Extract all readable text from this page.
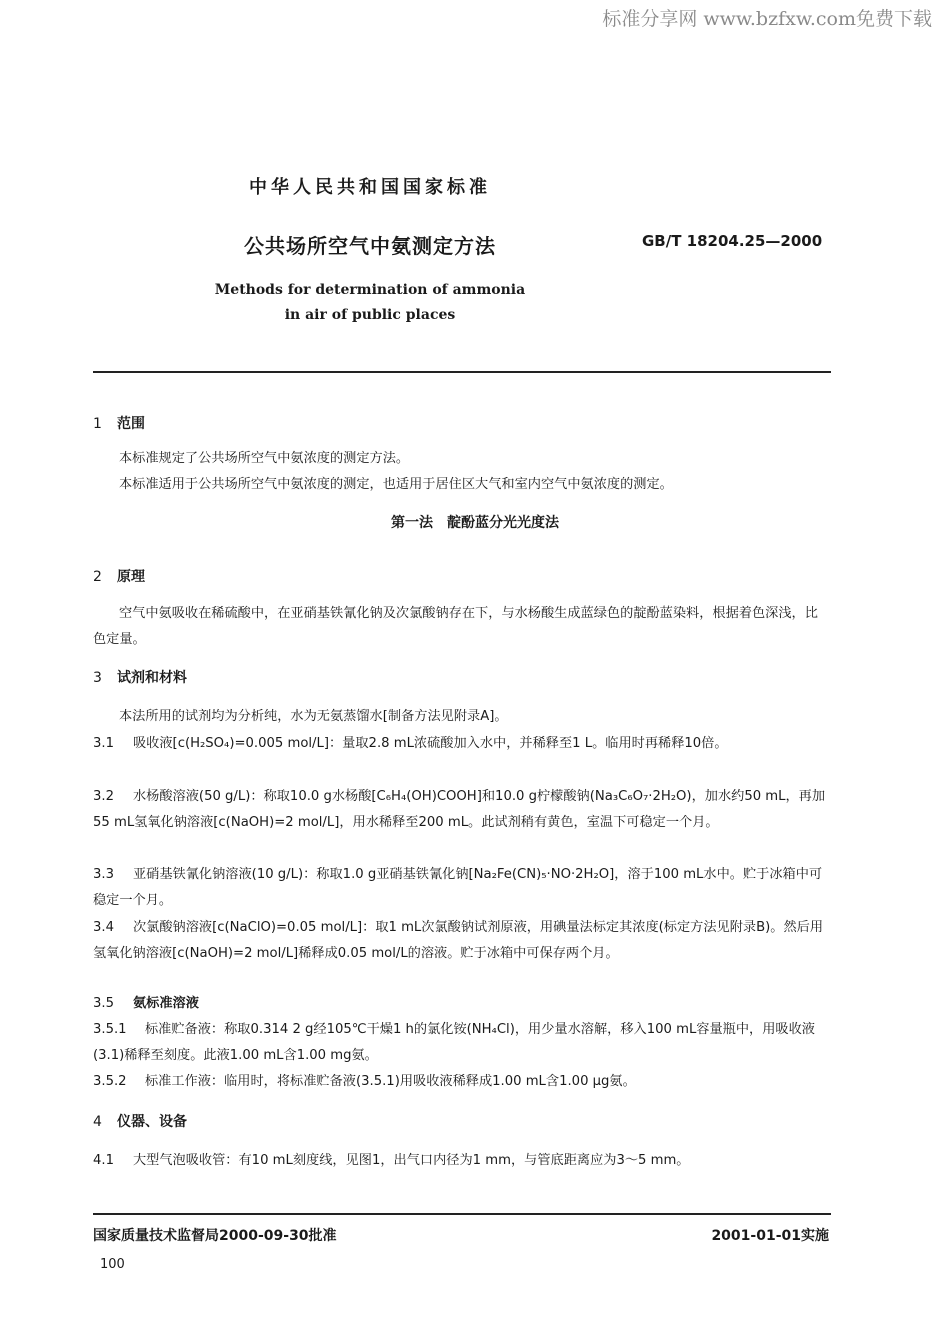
标准分享网 www.bzfxw.com免费下载
中华人民共和国国家标准
公共场所空气中氨测定方法	GB/T 18204.25—2000
Methods for determination of ammonia
in air of public places
1 范围
本标准规定了公共场所空气中氨浓度的测定方法。
本标准适用于公共场所空气中氨浓度的测定，也适用于居住区大气和室内空气中氨浓度的测定。
第一法　靛酚蓝分光光度法
2 原理
空气中氨吸收在稀硫酸中，在亚硝基铁氰化钠及次氯酸钠存在下，与水杨酸生成蓝绿色的靛酚蓝染料，根据着色深浅，比色定量。
3 试剂和材料
本法所用的试剂均为分析纯，水为无氨蒸馏水[制备方法见附录A]。
3.1 吸收液[c(H₂SO₄)=0.005 mol/L]：量取2.8 mL浓硫酸加入水中，并稀释至1 L。临用时再稀释10倍。
3.2 水杨酸溶液(50 g/L)：称取10.0 g水杨酸[C₆H₄(OH)COOH]和10.0 g柠檬酸钠(Na₃C₆O₇·2H₂O)，加水约50 mL，再加55 mL氢氧化钠溶液[c(NaOH)=2 mol/L]，用水稀释至200 mL。此试剂稍有黄色，室温下可稳定一个月。
3.3 亚硝基铁氰化钠溶液(10 g/L)：称取1.0 g亚硝基铁氰化钠[Na₂Fe(CN)₅·NO·2H₂O]，溶于100 mL水中。贮于冰箱中可稳定一个月。
3.4 次氯酸钠溶液[c(NaClO)=0.05 mol/L]：取1 mL次氯酸钠试剂原液，用碘量法标定其浓度(标定方法见附录B)。然后用氢氧化钠溶液[c(NaOH)=2 mol/L]稀释成0.05 mol/L的溶液。贮于冰箱中可保存两个月。
3.5 氨标准溶液
3.5.1 标准贮备液：称取0.314 2 g经105℃干燥1 h的氯化铵(NH₄Cl)，用少量水溶解，移入100 mL容量瓶中，用吸收液(3.1)稀释至刻度。此液1.00 mL含1.00 mg氨。
3.5.2 标准工作液：临用时，将标准贮备液(3.5.1)用吸收液稀释成1.00 mL含1.00 μg氨。
4 仪器、设备
4.1 大型气泡吸收管：有10 mL刻度线，见图1，出气口内径为1 mm，与管底距离应为3～5 mm。
国家质量技术监督局2000-09-30批准	2001-01-01实施
100
